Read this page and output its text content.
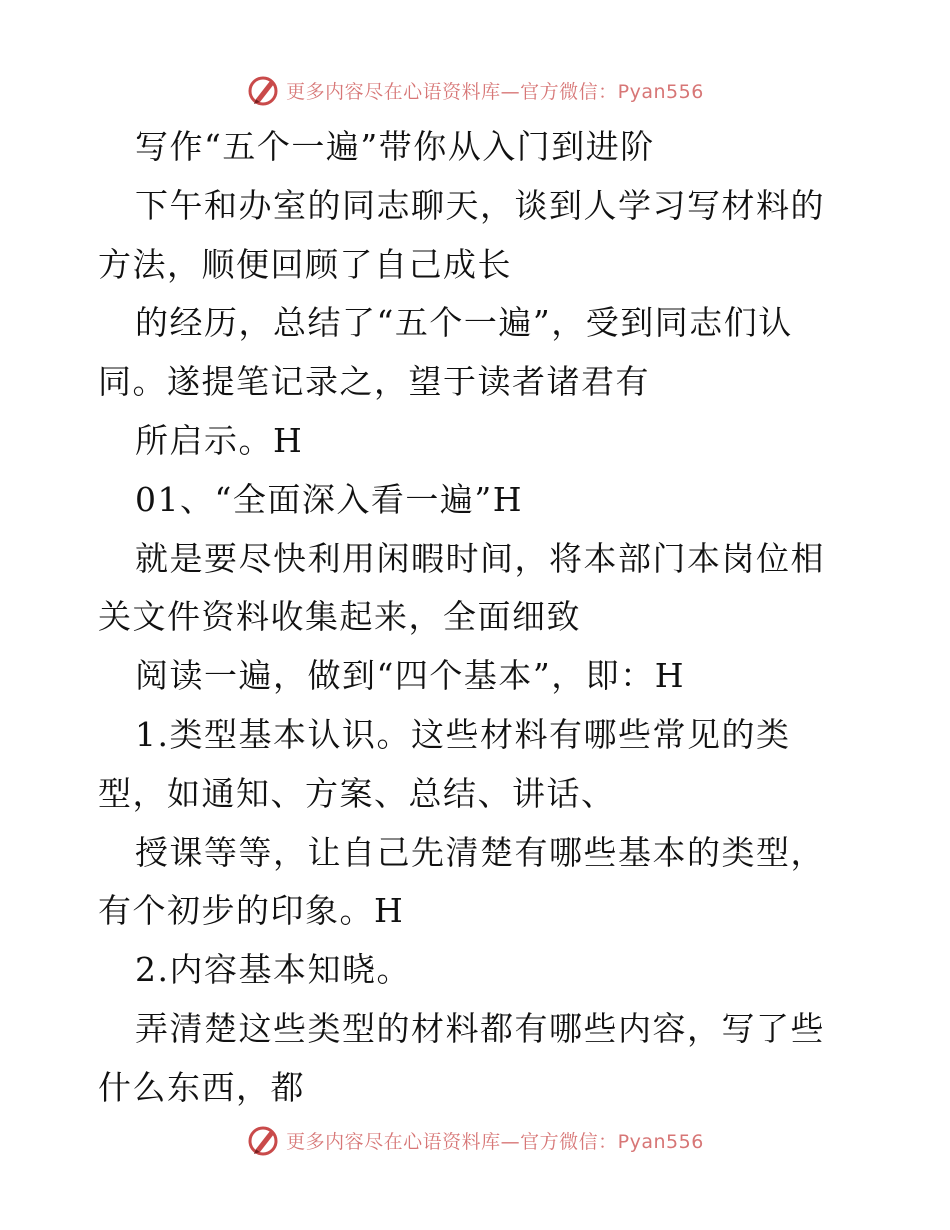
更多内容尽在心语资料库—官方微信：Pyan556

写作“五个一遍”带你从入门到进阶

下午和办室的同志聊天，谈到人学习写材料的方法，顺便回顾了自己成长

的经历，总结了“五个一遍”，受到同志们认同。遂提笔记录之，望于读者诸君有

所启示。H

01、“全面深入看一遍”H

就是要尽快利用闲暇时间，将本部门本岗位相关文件资料收集起来，全面细致

阅读一遍，做到“四个基本”，即：H

1.类型基本认识。这些材料有哪些常见的类型，如通知、方案、总结、讲话、

授课等等，让自己先清楚有哪些基本的类型，有个初步的印象。H

2.内容基本知晓。

弄清楚这些类型的材料都有哪些内容，写了些什么东西，都

更多内容尽在心语资料库—官方微信：Pyan556
